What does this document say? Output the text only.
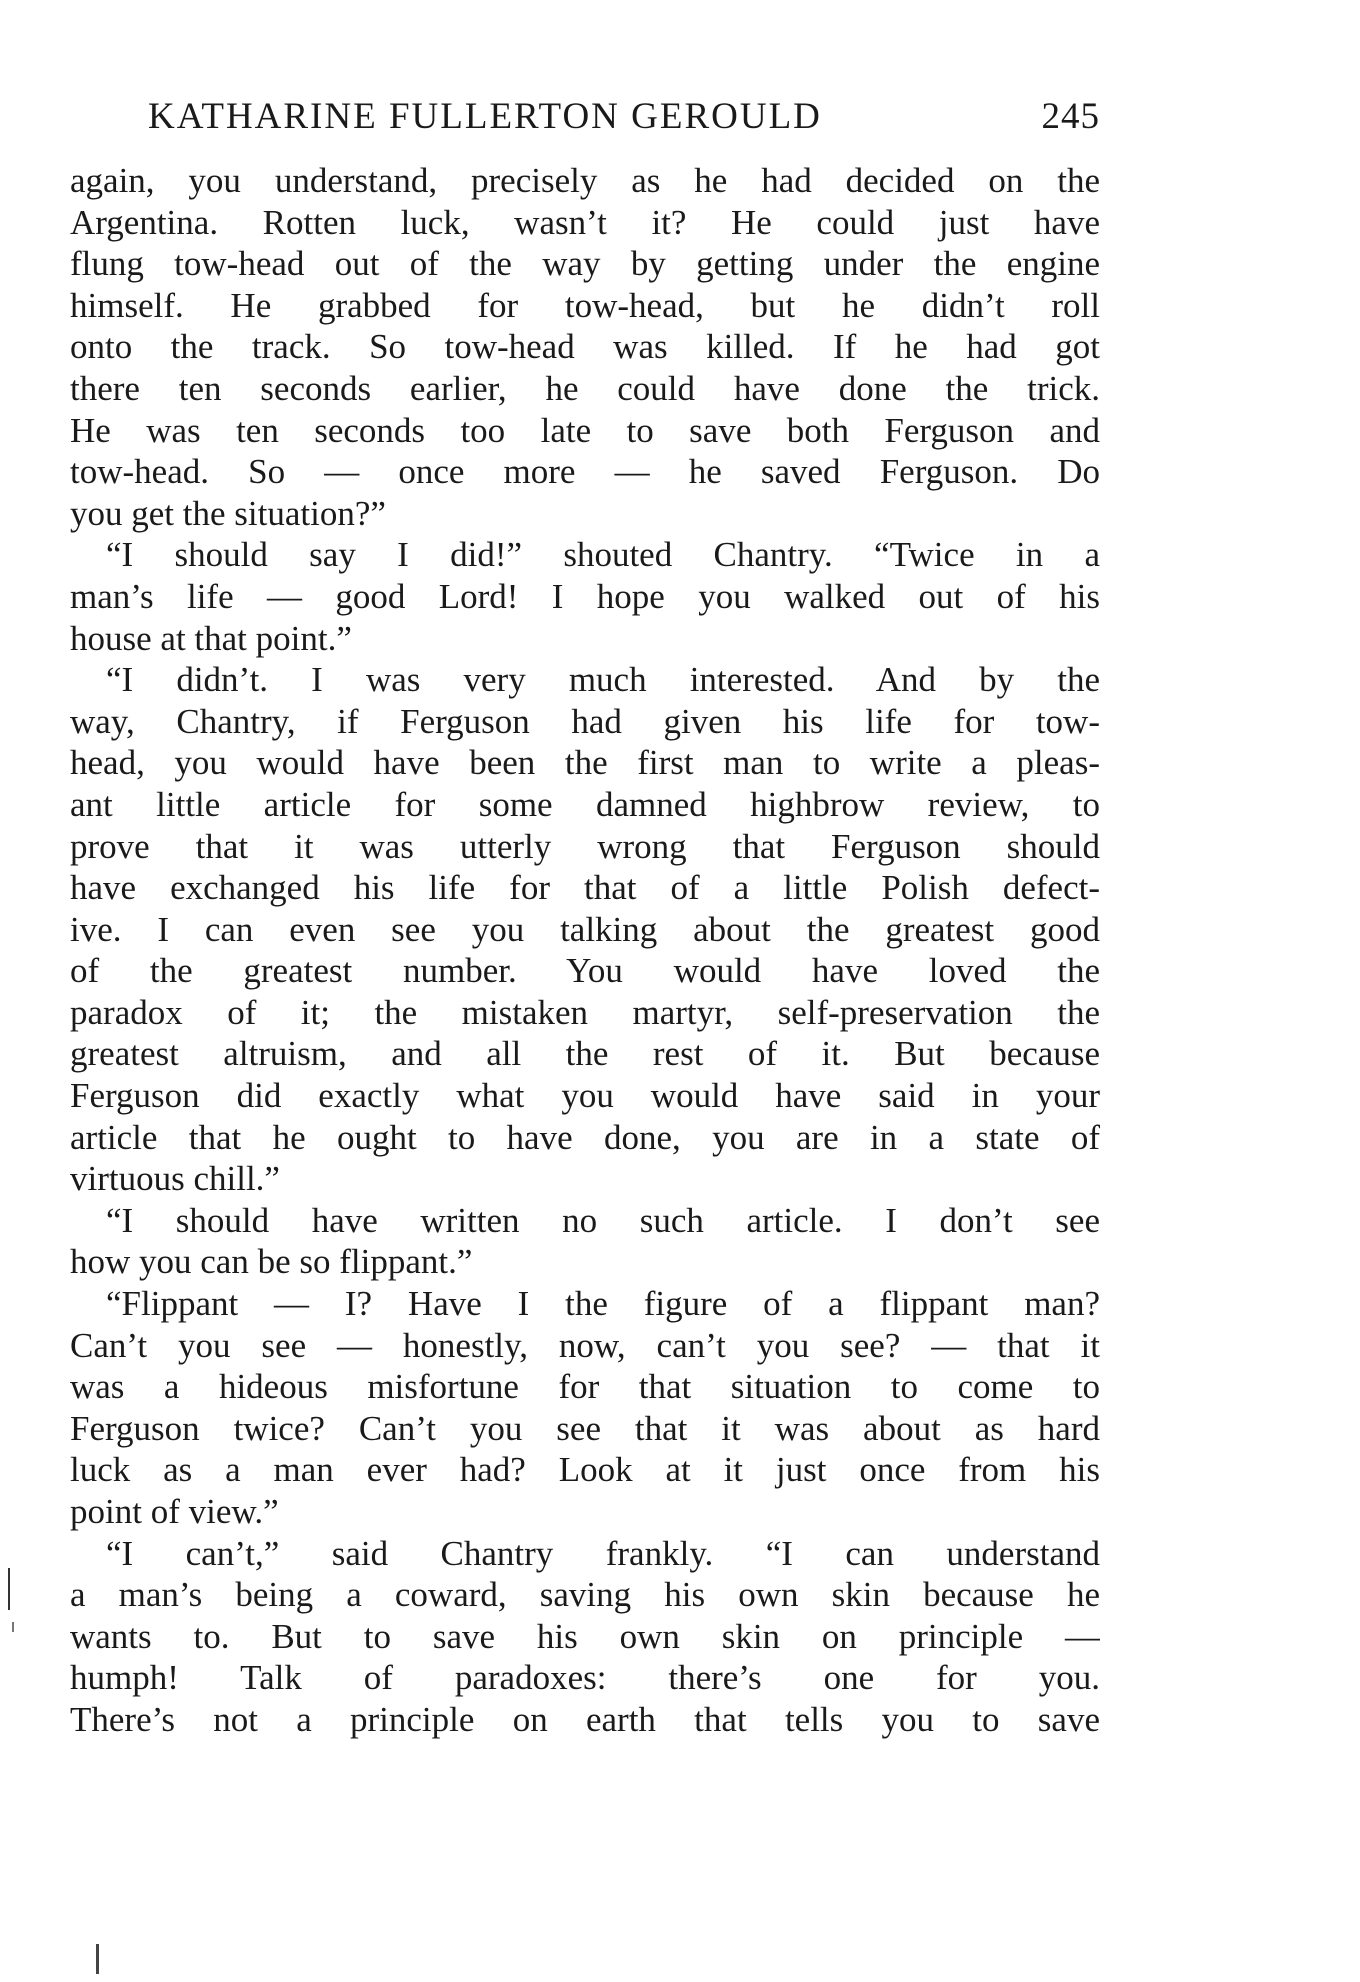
KATHARINE FULLERTON GEROULD	245
again, you understand, precisely as he had decided on the
Argentina. Rotten luck, wasn’t it? He could just have
flung tow-head out of the way by getting under the engine
himself. He grabbed for tow-head, but he didn’t roll
onto the track. So tow-head was killed. If he had got
there ten seconds earlier, he could have done the trick.
He was ten seconds too late to save both Ferguson and
tow-head. So — once more — he saved Ferguson. Do
you get the situation?”
“I should say I did!” shouted Chantry. “Twice in a
man’s life — good Lord! I hope you walked out of his
house at that point.”
“I didn’t. I was very much interested. And by the
way, Chantry, if Ferguson had given his life for tow-
head, you would have been the first man to write a pleas-
ant little article for some damned highbrow review, to
prove that it was utterly wrong that Ferguson should
have exchanged his life for that of a little Polish defect-
ive. I can even see you talking about the greatest good
of the greatest number. You would have loved the
paradox of it; the mistaken martyr, self-preservation the
greatest altruism, and all the rest of it. But because
Ferguson did exactly what you would have said in your
article that he ought to have done, you are in a state of
virtuous chill.”
“I should have written no such article. I don’t see
how you can be so flippant.”
“Flippant — I? Have I the figure of a flippant man?
Can’t you see — honestly, now, can’t you see? — that it
was a hideous misfortune for that situation to come to
Ferguson twice? Can’t you see that it was about as hard
luck as a man ever had? Look at it just once from his
point of view.”
“I can’t,” said Chantry frankly. “I can understand
a man’s being a coward, saving his own skin because he
wants to. But to save his own skin on principle —
humph! Talk of paradoxes: there’s one for you.
There’s not a principle on earth that tells you to save
